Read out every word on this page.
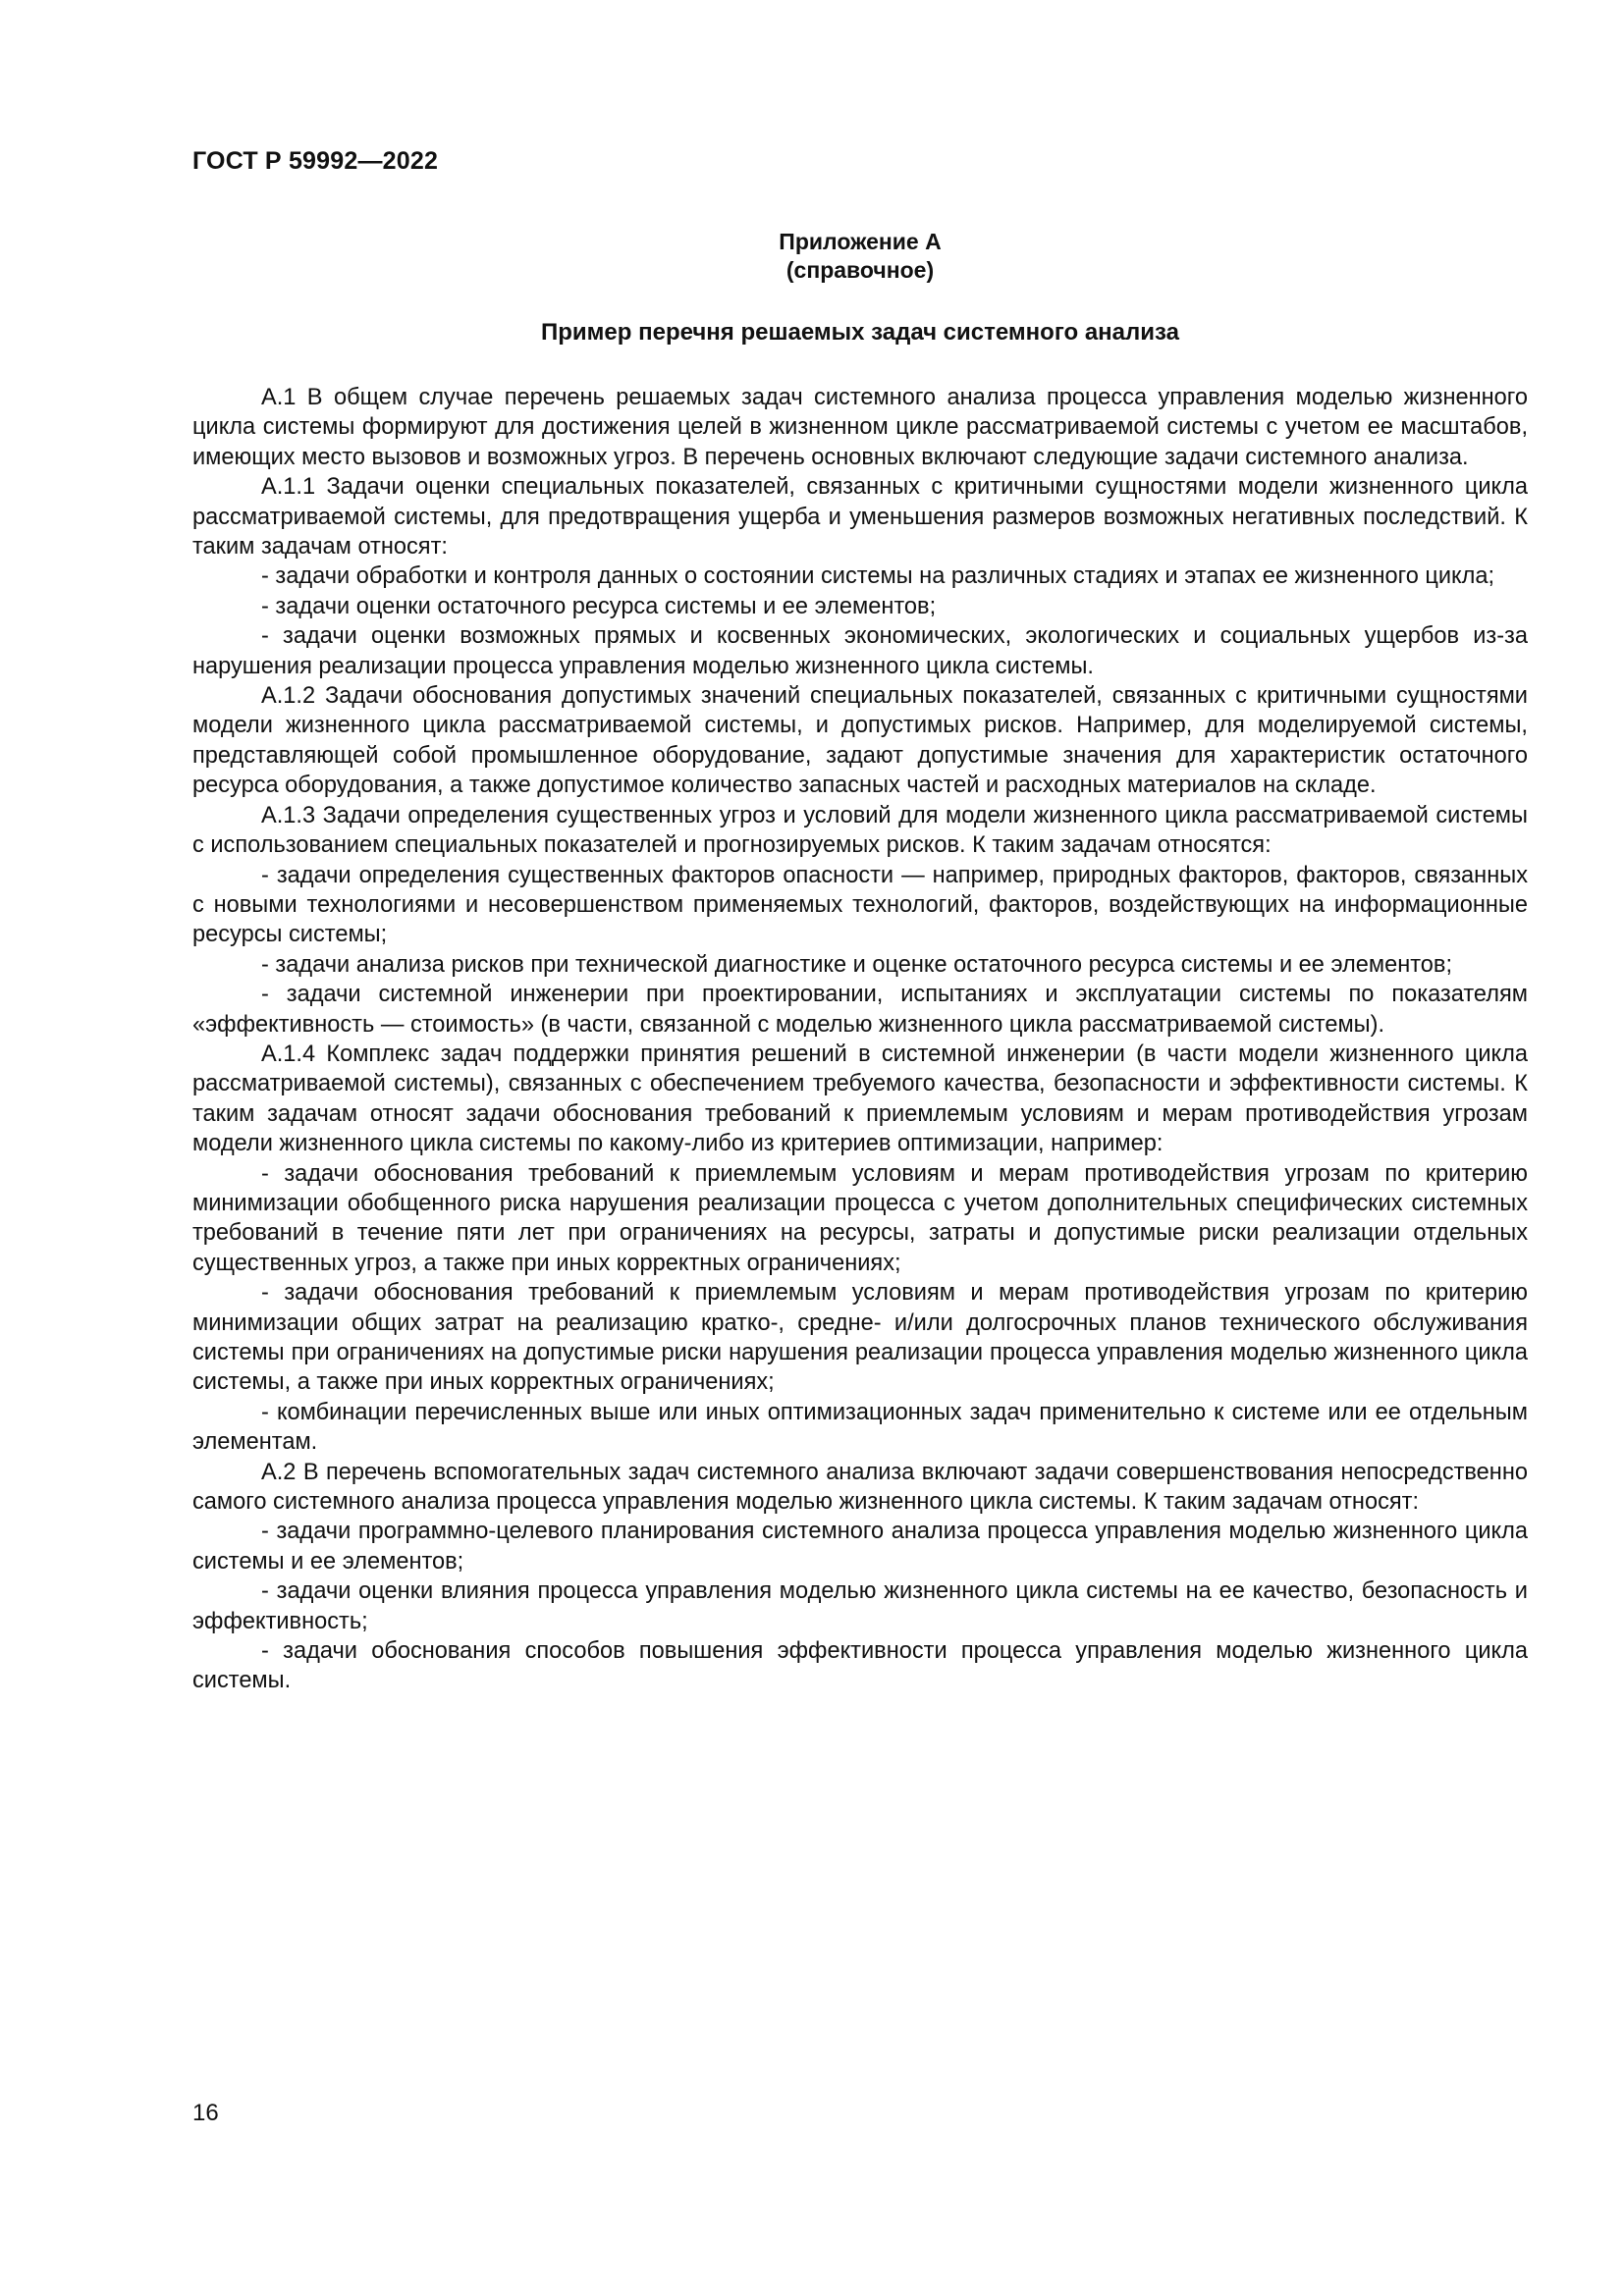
ГОСТ Р 59992—2022
Приложение А
(справочное)
Пример перечня решаемых задач системного анализа

А.1 В общем случае перечень решаемых задач системного анализа процесса управления моделью жизненного цикла системы формируют для достижения целей в жизненном цикле рассматриваемой системы с учетом ее масштабов, имеющих место вызовов и возможных угроз. В перечень основных включают следующие задачи системного анализа.

А.1.1 Задачи оценки специальных показателей, связанных с критичными сущностями модели жизненного цикла рассматриваемой системы, для предотвращения ущерба и уменьшения размеров возможных негативных последствий. К таким задачам относят:

- задачи обработки и контроля данных о состоянии системы на различных стадиях и этапах ее жизненного цикла;

- задачи оценки остаточного ресурса системы и ее элементов;

- задачи оценки возможных прямых и косвенных экономических, экологических и социальных ущербов из-за нарушения реализации процесса управления моделью жизненного цикла системы.

А.1.2 Задачи обоснования допустимых значений специальных показателей, связанных с критичными сущностями модели жизненного цикла рассматриваемой системы, и допустимых рисков. Например, для моделируемой системы, представляющей собой промышленное оборудование, задают допустимые значения для характеристик остаточного ресурса оборудования, а также допустимое количество запасных частей и расходных материалов на складе.

А.1.3 Задачи определения существенных угроз и условий для модели жизненного цикла рассматриваемой системы с использованием специальных показателей и прогнозируемых рисков. К таким задачам относятся:

- задачи определения существенных факторов опасности — например, природных факторов, факторов, связанных с новыми технологиями и несовершенством применяемых технологий, факторов, воздействующих на информационные ресурсы системы;

- задачи анализа рисков при технической диагностике и оценке остаточного ресурса системы и ее элементов;

- задачи системной инженерии при проектировании, испытаниях и эксплуатации системы по показателям «эффективность — стоимость» (в части, связанной с моделью жизненного цикла рассматриваемой системы).

А.1.4 Комплекс задач поддержки принятия решений в системной инженерии (в части модели жизненного цикла рассматриваемой системы), связанных с обеспечением требуемого качества, безопасности и эффективности системы. К таким задачам относят задачи обоснования требований к приемлемым условиям и мерам противодействия угрозам модели жизненного цикла системы по какому-либо из критериев оптимизации, например:

- задачи обоснования требований к приемлемым условиям и мерам противодействия угрозам по критерию минимизации обобщенного риска нарушения реализации процесса с учетом дополнительных специфических системных требований в течение пяти лет при ограничениях на ресурсы, затраты и допустимые риски реализации отдельных существенных угроз, а также при иных корректных ограничениях;

- задачи обоснования требований к приемлемым условиям и мерам противодействия угрозам по критерию минимизации общих затрат на реализацию кратко-, средне- и/или долгосрочных планов технического обслуживания системы при ограничениях на допустимые риски нарушения реализации процесса управления моделью жизненного цикла системы, а также при иных корректных ограничениях;

- комбинации перечисленных выше или иных оптимизационных задач применительно к системе или ее отдельным элементам.

А.2 В перечень вспомогательных задач системного анализа включают задачи совершенствования непосредственно самого системного анализа процесса управления моделью жизненного цикла системы. К таким задачам относят:

- задачи программно-целевого планирования системного анализа процесса управления моделью жизненного цикла системы и ее элементов;

- задачи оценки влияния процесса управления моделью жизненного цикла системы на ее качество, безопасность и эффективность;

- задачи обоснования способов повышения эффективности процесса управления моделью жизненного цикла системы.

16
